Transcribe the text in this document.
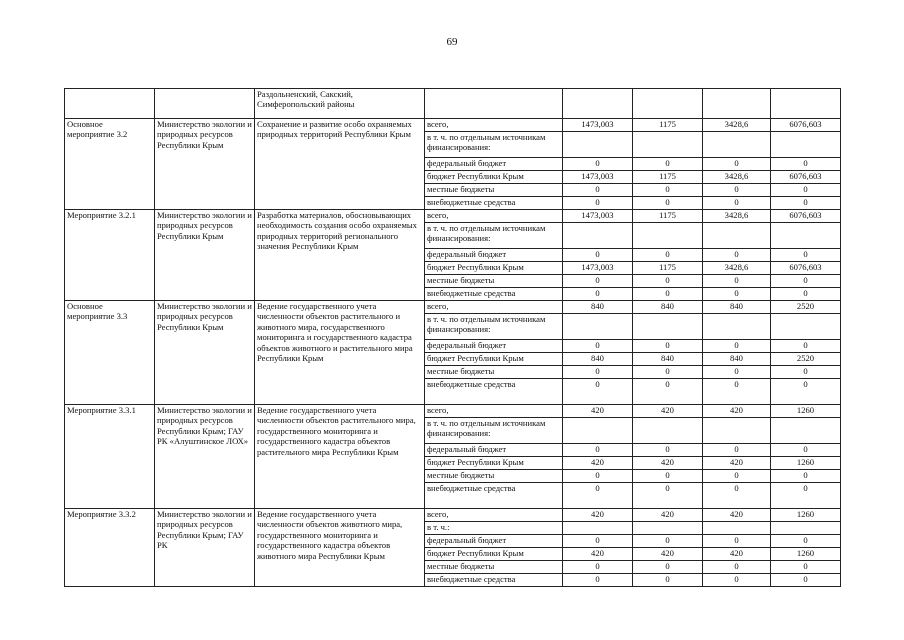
69
		Раздольненский, Сакский, Симферопольский районы					
Основное мероприятие 3.2	Министерство экологии и природных ресурсов Республики Крым	Сохранение и развитие особо охраняемых природных территорий Республики Крым	всего,	1473,003	1175	3428,6	6076,603
			в т. ч. по отдельным источникам финансирования:				
			федеральный бюджет	0	0	0	0
			бюджет Республики Крым	1473,003	1175	3428,6	6076,603
			местные бюджеты	0	0	0	0
			внебюджетные средства	0	0	0	0
Мероприятие 3.2.1	Министерство экологии и природных ресурсов Республики Крым	Разработка материалов, обосновывающих необходимость создания особо охраняемых природных территорий регионального значения Республики Крым	всего,	1473,003	1175	3428,6	6076,603
			в т. ч. по отдельным источникам финансирования:				
			федеральный бюджет	0	0	0	0
			бюджет Республики Крым	1473,003	1175	3428,6	6076,603
			местные бюджеты	0	0	0	0
			внебюджетные средства	0	0	0	0
Основное мероприятие 3.3	Министерство экологии и природных ресурсов Республики Крым	Ведение государственного учета численности объектов растительного и животного мира, государственного мониторинга и государственного кадастра объектов животного и растительного мира Республики Крым	всего,	840	840	840	2520
			в т. ч. по отдельным источникам финансирования:				
			федеральный бюджет	0	0	0	0
			бюджет Республики Крым	840	840	840	2520
			местные бюджеты	0	0	0	0
			внебюджетные средства	0	0	0	0
Мероприятие 3.3.1	Министерство экологии и природных ресурсов Республики Крым; ГАУ РК «Алуштинское ЛОХ»	Ведение государственного учета численности объектов растительного мира, государственного мониторинга и государственного кадастра объектов растительного мира Республики Крым	всего,	420	420	420	1260
			в т. ч. по отдельным источникам финансирования:				
			федеральный бюджет	0	0	0	0
			бюджет Республики Крым	420	420	420	1260
			местные бюджеты	0	0	0	0
			внебюджетные средства	0	0	0	0
Мероприятие 3.3.2	Министерство экологии и природных ресурсов Республики Крым; ГАУ РК	Ведение государственного учета численности объектов животного мира, государственного мониторинга и государственного кадастра объектов животного мира Республики Крым	всего,	420	420	420	1260
			в т. ч.:				
			федеральный бюджет	0	0	0	0
			бюджет Республики Крым	420	420	420	1260
			местные бюджеты	0	0	0	0
			внебюджетные средства	0	0	0	0
